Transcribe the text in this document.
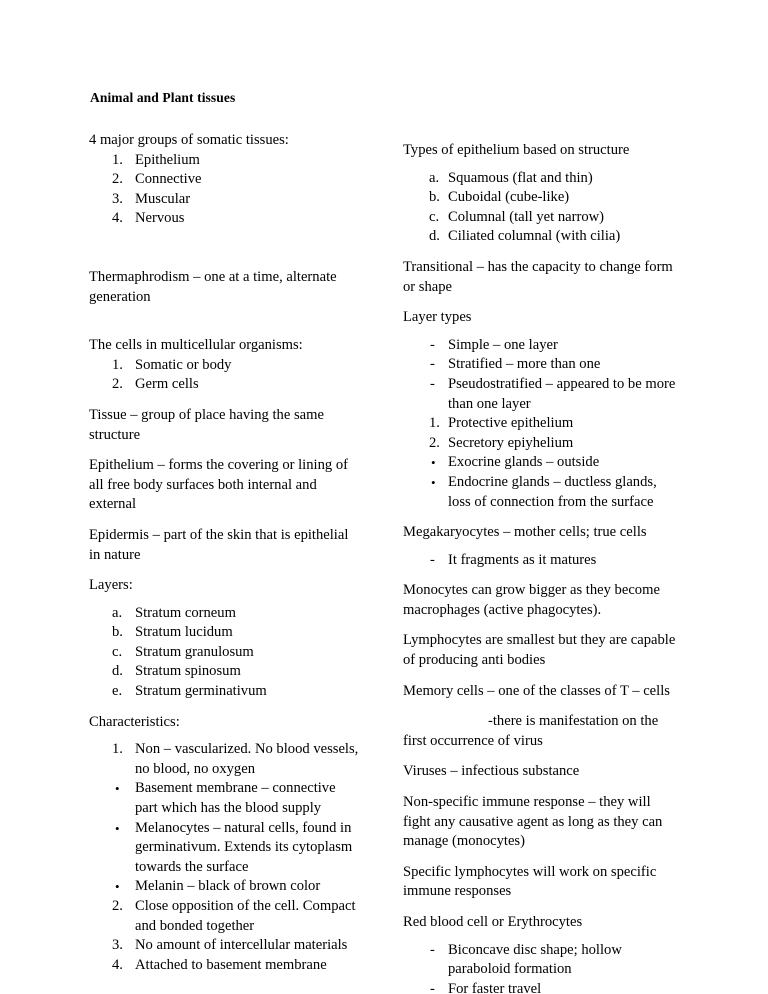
Animal and Plant tissues

4 major groups of somatic tissues:

1. Epithelium
2. Connective
3. Muscular
4. Nervous

Thermaphrodism – one at a time, alternate generation

The cells in multicellular organisms:

1. Somatic or body
2. Germ cells

Tissue – group of place having the same structure

Epithelium – forms the covering or lining of all free body surfaces both internal and external

Epidermis – part of the skin that is epithelial in nature

Layers:

a. Stratum corneum
b. Stratum lucidum
c. Stratum granulosum
d. Stratum spinosum
e. Stratum germinativum

Characteristics:

1. Non – vascularized. No blood vessels, no blood, no oxygen
•	Basement membrane – connective part which has the blood supply
•	Melanocytes – natural cells, found in germinativum. Extends its cytoplasm towards the surface
•	Melanin – black of brown color
2. Close opposition of the cell. Compact and bonded together
3. No amount of intercellular materials
4. Attached to basement membrane

Types of epithelium based on structure

a. Squamous (flat and thin)
b. Cuboidal (cube-like)
c. Columnal (tall yet narrow)
d. Ciliated columnal (with cilia)

Transitional – has the capacity to change form or shape

Layer types

- Simple – one layer
- Stratified – more than one
- Pseudostratified – appeared to be more than one layer
1. Protective epithelium
2. Secretory epiyhelium
• Exocrine glands – outside
• Endocrine glands – ductless glands, loss of connection from the surface

Megakaryocytes – mother cells; true cells

- It fragments as it matures

Monocytes can grow bigger as they become macrophages (active phagocytes).

Lymphocytes are smallest but they are capable of producing anti bodies

Memory cells – one of the classes of T – cells

-there is manifestation on the first occurrence of virus

Viruses – infectious substance

Non-specific immune response – they will fight any causative agent as long as they can manage (monocytes)

Specific lymphocytes will work on specific immune responses

Red blood cell or Erythrocytes

- Biconcave disc shape; hollow paraboloid formation
- For faster travel
